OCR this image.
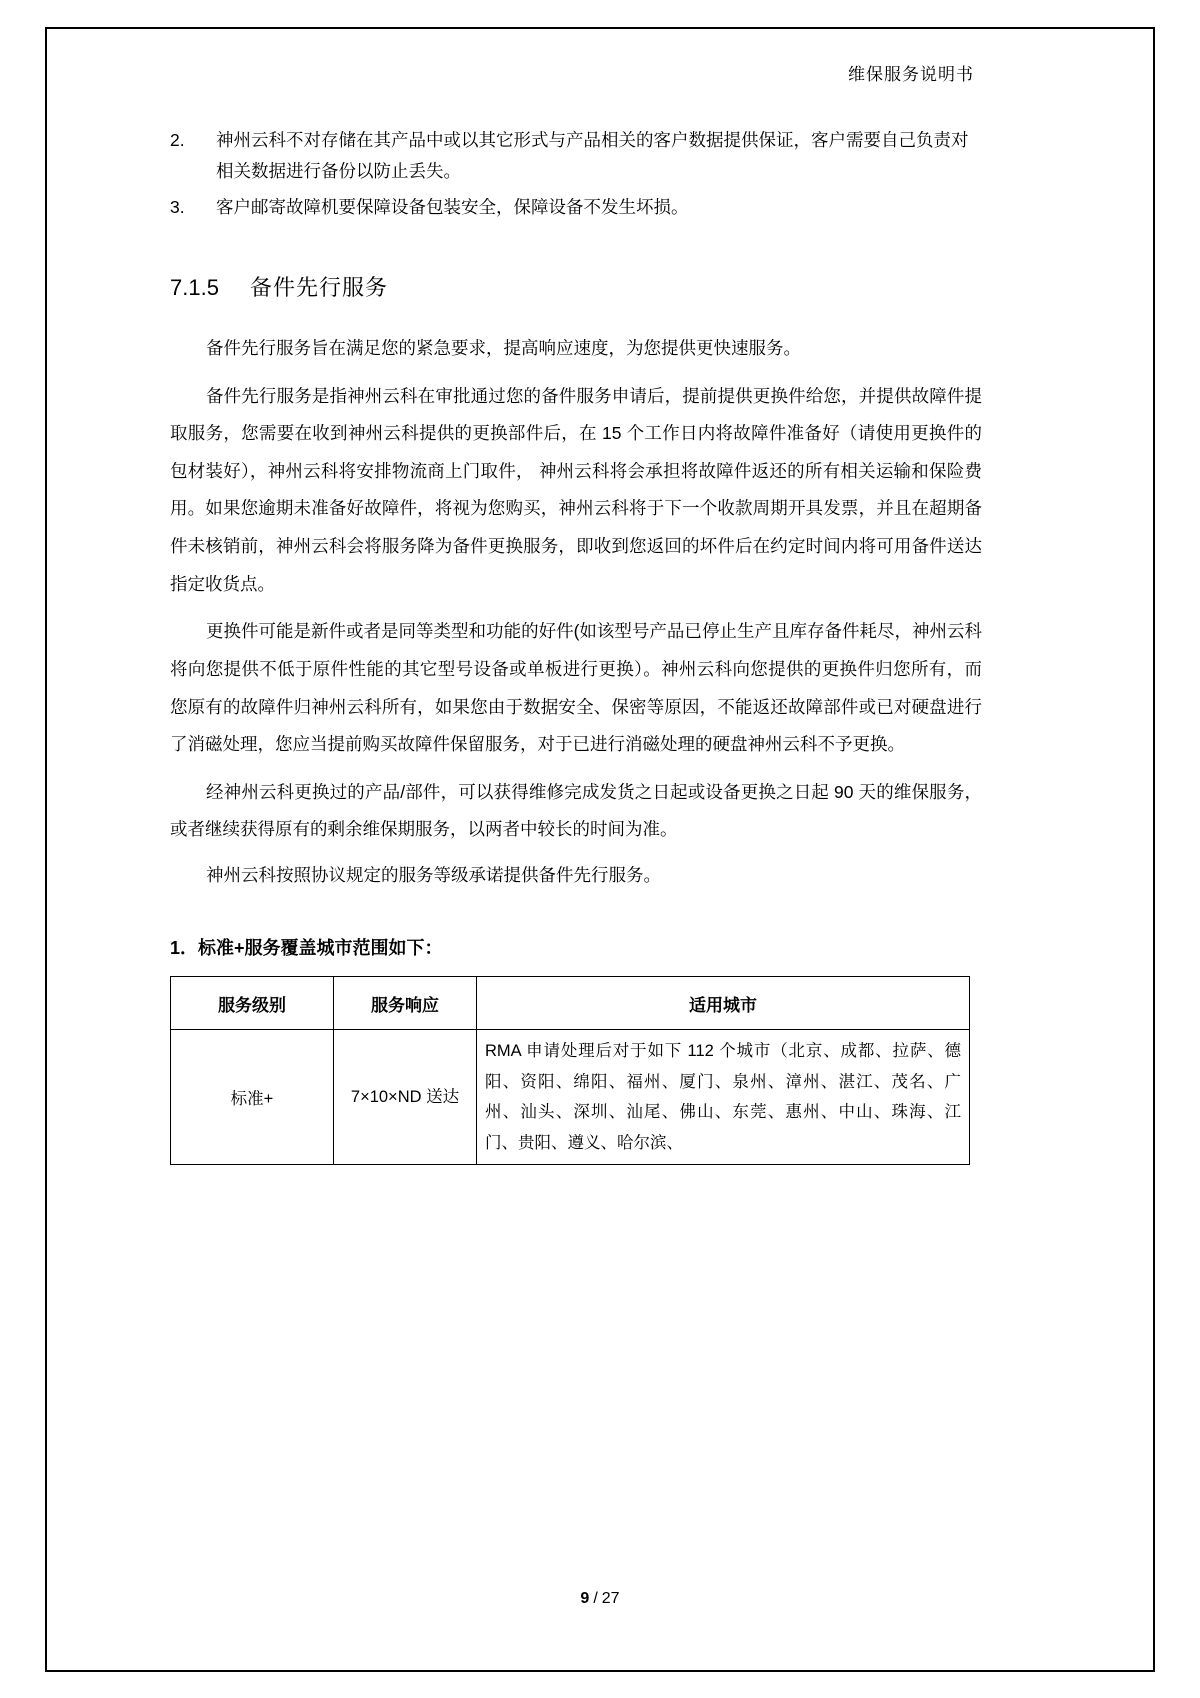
维保服务说明书
2.	神州云科不对存储在其产品中或以其它形式与产品相关的客户数据提供保证，客户需要自己负责对相关数据进行备份以防止丢失。
3.	客户邮寄故障机要保障设备包装安全，保障设备不发生坏损。
7.1.5	备件先行服务

备件先行服务旨在满足您的紧急要求，提高响应速度，为您提供更快速服务。

备件先行服务是指神州云科在审批通过您的备件服务申请后，提前提供更换件给您，并提供故障件提取服务，您需要在收到神州云科提供的更换部件后，在 15 个工作日内将故障件准备好（请使用更换件的包材装好），神州云科将安排物流商上门取件， 神州云科将会承担将故障件返还的所有相关运输和保险费用。如果您逾期未准备好故障件，将视为您购买，神州云科将于下一个收款周期开具发票，并且在超期备件未核销前，神州云科会将服务降为备件更换服务，即收到您返回的坏件后在约定时间内将可用备件送达指定收货点。

更换件可能是新件或者是同等类型和功能的好件(如该型号产品已停止生产且库存备件耗尽，神州云科将向您提供不低于原件性能的其它型号设备或单板进行更换）。神州云科向您提供的更换件归您所有，而您原有的故障件归神州云科所有，如果您由于数据安全、保密等原因，不能返还故障部件或已对硬盘进行了消磁处理，您应当提前购买故障件保留服务，对于已进行消磁处理的硬盘神州云科不予更换。

经神州云科更换过的产品/部件，可以获得维修完成发货之日起或设备更换之日起 90 天的维保服务，或者继续获得原有的剩余维保期服务，以两者中较长的时间为准。

神州云科按照协议规定的服务等级承诺提供备件先行服务。

1．标准+服务覆盖城市范围如下：
服务级别	服务响应	适用城市
标准+	7×10×ND 送达	RMA 申请处理后对于如下 112 个城市（北京、成都、拉萨、德阳、资阳、绵阳、福州、厦门、泉州、漳州、湛江、茂名、广州、汕头、深圳、汕尾、佛山、东莞、惠州、中山、珠海、江门、贵阳、遵义、哈尔滨、
9 / 27
